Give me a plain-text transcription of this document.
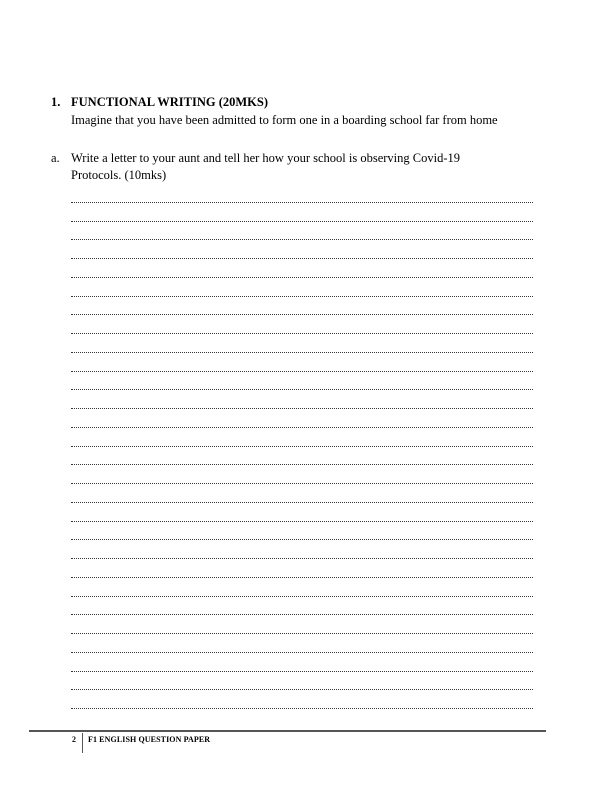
1. FUNCTIONAL WRITING (20MKS)
Imagine that you have been admitted to form one in a boarding school far from home
a. Write a letter to your aunt and tell her how your school is observing Covid-19
Protocols. (10mks)
2 F1 ENGLISH QUESTION PAPER
